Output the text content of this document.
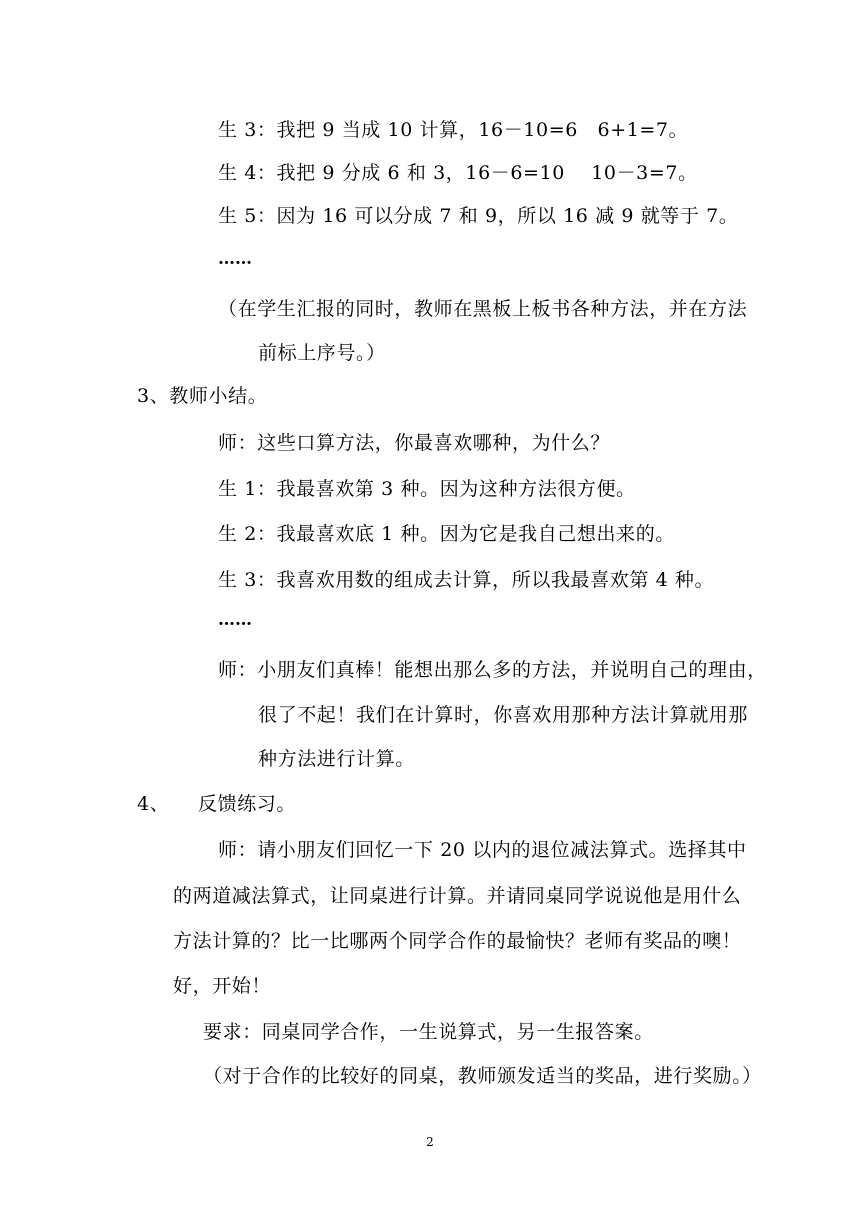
生 3：我把 9 当成 10 计算，16－10=6　6+1=7。
生 4：我把 9 分成 6 和 3，16－6=10　 10－3=7。
生 5：因为 16 可以分成 7 和 9，所以 16 减 9 就等于 7。
……
（在学生汇报的同时，教师在黑板上板书各种方法，并在方法
前标上序号。）
3、教师小结。
师：这些口算方法，你最喜欢哪种，为什么？
生 1：我最喜欢第 3 种。因为这种方法很方便。
生 2：我最喜欢底 1 种。因为它是我自己想出来的。
生 3：我喜欢用数的组成去计算，所以我最喜欢第 4 种。
……
师：小朋友们真棒！能想出那么多的方法，并说明自己的理由，
很了不起！我们在计算时，你喜欢用那种方法计算就用那
种方法进行计算。
4、 反馈练习。
师：请小朋友们回忆一下 20 以内的退位减法算式。选择其中
的两道减法算式，让同桌进行计算。并请同桌同学说说他是用什么
方法计算的？比一比哪两个同学合作的最愉快？老师有奖品的噢！
好，开始！
要求：同桌同学合作，一生说算式，另一生报答案。
（对于合作的比较好的同桌，教师颁发适当的奖品，进行奖励。）
2
